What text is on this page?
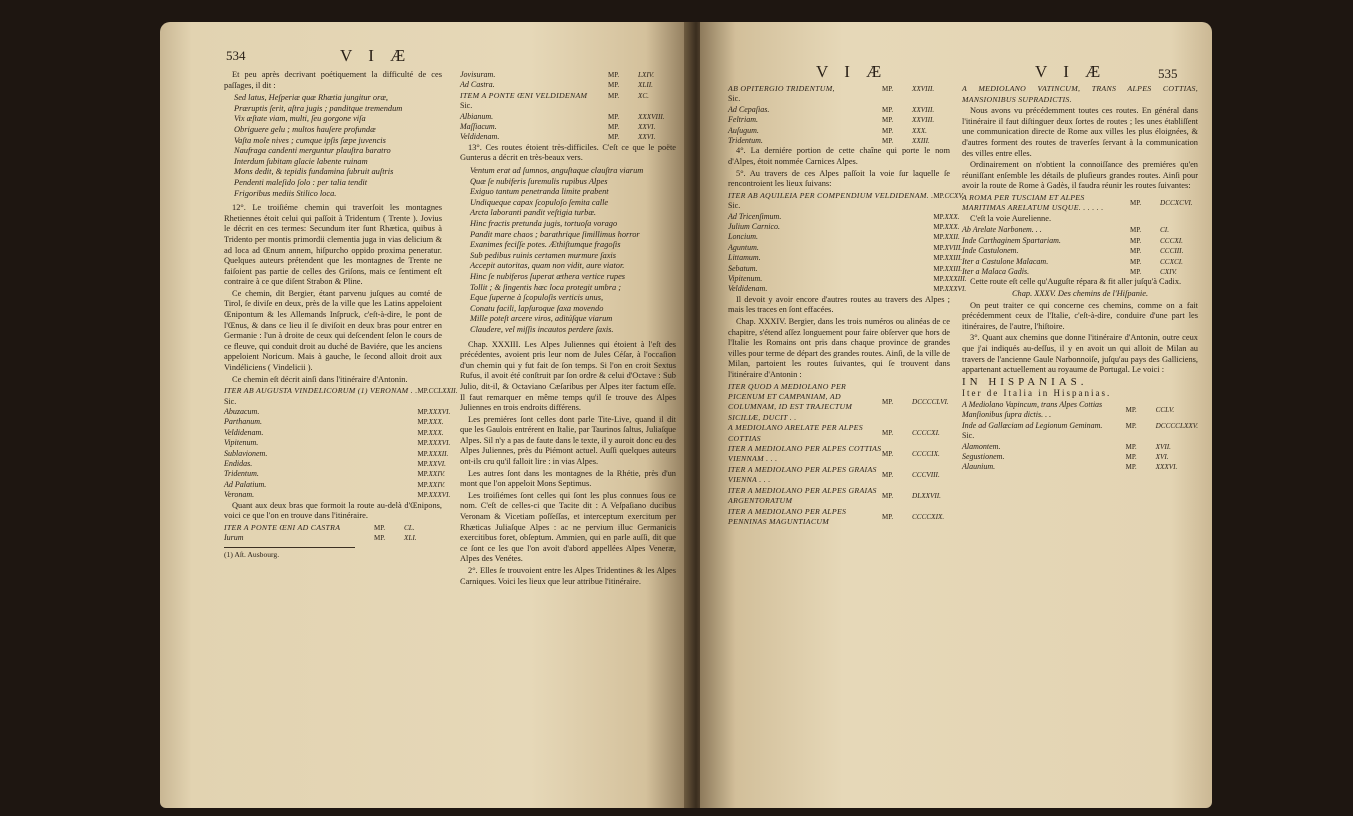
534	V I Æ

Et peu après decrivant poétiquement la difficulté de ces paſſages, il dit :

Sed latus, Heſperiæ quæ Rhætia jungitur oræ,
Præruptis ſerit, aſtra jugis ; panditque tremendum
Vix æſtate viam, multi, ſeu gorgone viſa
Obriguere gelu ; multos hauſere profundæ
Vaſta mole nives ; cumque ipſis ſæpe juvencis
Naufraga candenti merguntur plauſtra baratro
Interdum ſubitam glacie labente ruinam
Mons dedit, & tepidis fundamina ſubruit auſtris
Pendenti maleſido ſolo : per talia tendit
Frigoribus mediis Stilico loca.

12°. Le troiſiéme chemin qui traverſoit les montagnes Rhetiennes étoit celui qui paſſoit à Tridentum ( Trente ). Jovius le décrit en ces termes: Secundum iter ſunt Rhætica, quibus à Tridento per montis primordii clementia juga in vias delicium & ad loca ad Œnum annem, hiſpurcho oppido proxima peneratur. Quelques auteurs prétendent que les montagnes de Trente ne faiſoient pas partie de celles des Griſons, mais ce ſentiment eſt contraire à ce que diſent Strabon & Pline.

Ce chemin, dit Bergier, étant parvenu juſques au comté de Tirol, ſe diviſe en deux, près de la ville que les Latins appeloient Œnipontum & les Allemands Inſpruck, c'eſt-à-dire, le pont de l'Œnus, & dans ce lieu il ſe diviſoit en deux bras pour entrer en Germanie : l'un à droite de ceux qui deſcendent ſelon le cours de ce fleuve, qui conduit droit au duché de Baviére, que les anciens appeloient Noricum. Mais à gauche, le ſecond alloit droit aux Vindéliciens ( Vindelicii ).

Ce chemin eſt décrit ainſi dans l'itinéraire d'Antonin.

ITER AB AUGUSTA VINDELICORUM (1) VERONAM . .	MP.	CCLXXII.
Sic.		
Abuzacum.	MP.	XXXVI.
Parthanum.	MP.	XXX.
Veldidenam.	MP.	XXX.
Vipitenum.	MP.	XXXVI.
Sublavionem.	MP.	XXXII.
Endidas.	MP.	XXVI.
Tridentum.	MP.	XXIV.
Ad Palatium.	MP.	XXIV.
Veronam.	MP.	XXXVI.

Quant aux deux bras que formoit la route au-delà d'Œnipons, voici ce que l'on en trouve dans l'itinéraire.

ITER A PONTE ŒNI AD CASTRA	MP.	CL.
Iurum	MP.	XLI.
(1) Aſt. Ausbourg.
Jovisuram.	MP.	LXIV.
Ad Castra.	MP.	XLII.
ITEM A PONTE ŒNI VELDIDENAM	MP.	XC.
Sic.		
Albianum.	MP.	XXXVIII.
Maſſiacum.	MP.	XXVI.
Veldidenam.	MP.	XXVI.

13°. Ces routes étoient très-difficiles. C'eſt ce que le poëte Gunterus a décrit en très-beaux vers.

Ventum erat ad ſumnos, anguſtaque clauſtra viarum
Quæ ſe nubiferis ſuremulis rupibus Alpes
Exiguo tantum penetranda limite prabent
Undiqueque capax ſcopuloſo ſemita calle
Arcta laboranti pandit veſtigia turbæ.
Hinc fractis pretunda jugis, tortuoſa vorago
Pandit mare chaos ; barathrique ſimillimus horror
Exanimes feciſſe potes. Æthiſtumque fragoſis
Sub pedibus ruinis certamen murmure ſaxis
Accepit autoritas, quam non vidit, aure viator.
Hinc ſe nubiferos ſuperat æthera vertice rupes
Tollit ; & ſingentis hæc loca protegit umbra ;
Eque ſuperne à ſcopuloſis verticis unus,
Conatu facili, lapſuroque ſaxa movendo
Mille poteſt arcere viros, aditúſque viarum
Claudere, vel miſſis incautos perdere ſaxis.

Chap. XXXIII. Les Alpes Juliennes qui étoient à l'eſt des précédentes, avoient pris leur nom de Jules Céſar, à l'occaſion d'un chemin qui y fut fait de ſon temps. Si l'on en croit Sextus Rufus, il avoit été conſtruit par ſon ordre & celui d'Octave : Sub Julio, dit-il, & Octaviano Cæſaribus per Alpes iter factum eſſe. Il faut remarquer en même temps qu'il ſe trouve des Alpes Juliennes en trois endroits différens.

Les premiéres ſont celles dont parle Tite-Live, quand il dit que les Gaulois entrérent en Italie, par Taurinos ſaltus, Juliaſque Alpes. Sil n'y a pas de faute dans le texte, il y auroit donc eu des Alpes Juliennes, près du Piémont actuel. Auſſi quelques auteurs ont-ils cru qu'il falloit lire : in vias Alpes.

Les autres ſont dans les montagnes de la Rhétie, près d'un mont que l'on appeloit Mons Septimus.

Les troiſiémes ſont celles qui ſont les plus connues ſous ce nom. C'eſt de celles-ci que Tacite dit : A Veſpaſiano ducibus Veronam & Vicetiam poſſeſſas, et interceptum exercitum per Rhæticas Juliaſque Alpes : ac ne pervium illuc Germanicis exercitibus foret, obſeptum. Ammien, qui en parle auſſi, dit que ce ſont ce les que l'on avoit d'abord appellées Alpes Veneræ, Alpes des Venétes.

2°. Elles ſe trouvoient entre les Alpes Tridentines & les Alpes Carniques. Voici les lieux que leur attribue l'itinéraire.

V I Æ	V I Æ	535
AB OPITERGIO TRIDENTUM,	MP.	XXVIII.
Sic.		
Ad Cepaſias.	MP.	XXVIII.
Feltriam.	MP.	XXVIII.
Auſugum.	MP.	XXX.
Tridentum.	MP.	XXIII.

4°. La derniére portion de cette chaîne qui porte le nom d'Alpes, étoit nommée Carnices Alpes.

5°. Au travers de ces Alpes paſſoit la voie ſur laquelle ſe rencontroient les lieux ſuivans:

ITER AB AQUILEIA PER COMPENDIUM VELDIDENAM. .	MP.	CCXV.
Sic.		
Ad Tricenſimum.	MP.	XXX.
Julium Carnico.	MP.	XXX.
Loncium.	MP.	XXII.
Aguntum.	MP.	XVIII.
Littamum.	MP.	XXIII.
Sebatum.	MP.	XXIII.
Vipitenum.	MP.	XXXIII.
Veldidenam.	MP.	XXXVI.

Il devoit y avoir encore d'autres routes au travers des Alpes ; mais les traces en ſont effacées.

Chap. XXXIV. Bergier, dans les trois numéros ou alinéas de ce chapitre, s'étend aſſez longuement pour faire obſerver que hors de l'Italie les Romains ont pris dans chaque province de grandes villes pour terme de départ des grandes routes. Ainſi, de la ville de Milan, partoient les routes ſuivantes, qui ſe trouvent dans l'itinéraire d'Antonin :

ITER QUOD A MEDIOLANO PER PICENUM ET CAMPANIAM, AD COLUMNAM, ID EST TRAJECTUM SICILIÆ, DUCIT . .	MP.	DCCCCLVI.
A MEDIOLANO ARELATE PER ALPES COTTIAS	MP.	CCCCXI.
ITER A MEDIOLANO PER ALPES COTTIAS VIENNAM . . .	MP.	CCCCIX.
ITER A MEDIOLANO PER ALPES GRAIAS VIENNA . . .	MP.	CCCVIII.
ITER A MEDIOLANO PER ALPES GRAIAS ARGENTORATUM	MP.	DLXXVII.
ITER A MEDIOLANO PER ALPES PENNINAS MAGUNTIACUM	MP.	CCCCXIX.

A MEDIOLANO VATINCUM, TRANS ALPES COTTIAS, MANSIONIBUS SUPRADICTIS.

Nous avons vu précédemment toutes ces routes. En général dans l'itinéraire il faut diſtinguer deux ſortes de routes ; les unes établiſſent une communication directe de Rome aux villes les plus éloignées, & d'autres forment des routes de traverſes ſervant à la communication des villes entre elles.

Ordinairement on n'obtient la connoiſſance des premiéres qu'en réuniſſant enſemble les détails de pluſieurs grandes routes. Ainſi pour avoir la route de Rome à Gadès, il faudra réunir les routes ſuivantes:

A ROMA PER TUSCIAM ET ALPES MARITIMAS ARELATUM USQUE. . . . . .	MP.	DCCXCVI.

C'eſt la voie Aurelienne.

Ab Arelate Narbonem. . .	MP.	CI.
Inde Carthaginem Spartariam.	MP.	CCCXI.
Inde Castulonem.	MP.	CCCIII.
Iter a Castulone Malacam.	MP.	CCXCI.
Iter a Malaca Gadis.	MP.	CXIV.

Cette route eſt celle qu'Auguſte répara & fit aller juſqu'à Cadix.

Chap. XXXV. Des chemins de l'Hiſpanie.

On peut traiter ce qui concerne ces chemins, comme on a fait précédemment ceux de l'Italie, c'eſt-à-dire, conduire d'une part les itinéraires, de l'autre, l'hiſtoire.

3°. Quant aux chemins que donne l'itinéraire d'Antonin, outre ceux que j'ai indiqués au-deſſus, il y en avoit un qui alloit de Milan au travers de l'ancienne Gaule Narbonnoiſe, juſqu'au pays des Galliciens, appartenant actuellement au royaume de Portugal. Le voici :

IN HISPANIAS.

Iter de Italia in Hispanias.

A Mediolano Vapincum, trans Alpes Cottias Manſionibus ſupra dictis. . .	MP.	CCLV.
Inde ad Gallæciam ad Legionum Geminam.	MP.	DCCCCLXXV.
Sic.		
Alamontem.	MP.	XVII.
Segustionem.	MP.	XVI.
Alaunium.	MP.	XXXVI.
